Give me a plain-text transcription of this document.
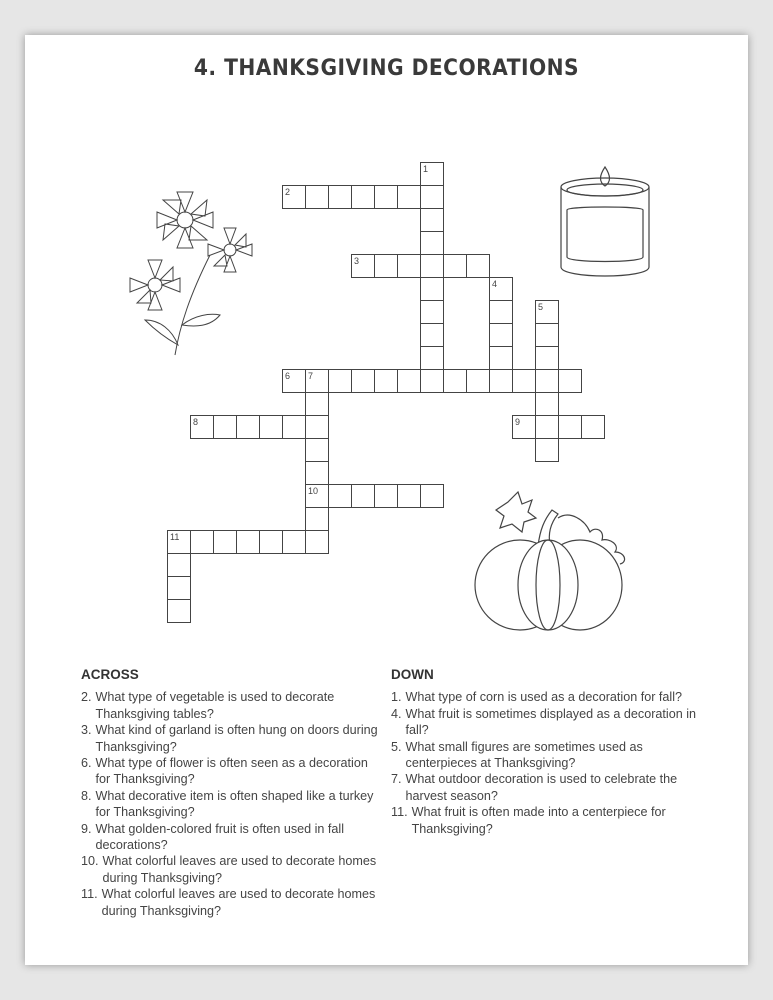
4. THANKSGIVING DECORATIONS
1
2
3
4
5
6 7
10
8	9
11
ACROSS
2. What type of vegetable is used to decorate Thanksgiving tables?
3. What kind of garland is often hung on doors during Thanksgiving?
6. What type of flower is often seen as a decoration for Thanksgiving?
8. What decorative item is often shaped like a turkey for Thanksgiving?
9. What golden-colored fruit is often used in fall decorations?
10. What colorful leaves are used to decorate homes during Thanksgiving?
11. What colorful leaves are used to decorate homes during Thanksgiving?
DOWN
1. What type of corn is used as a decoration for fall?
4. What fruit is sometimes displayed as a decoration in fall?
5. What small figures are sometimes used as centerpieces at Thanksgiving?
7. What outdoor decoration is used to celebrate the harvest season?
11. What fruit is often made into a centerpiece for Thanksgiving?
